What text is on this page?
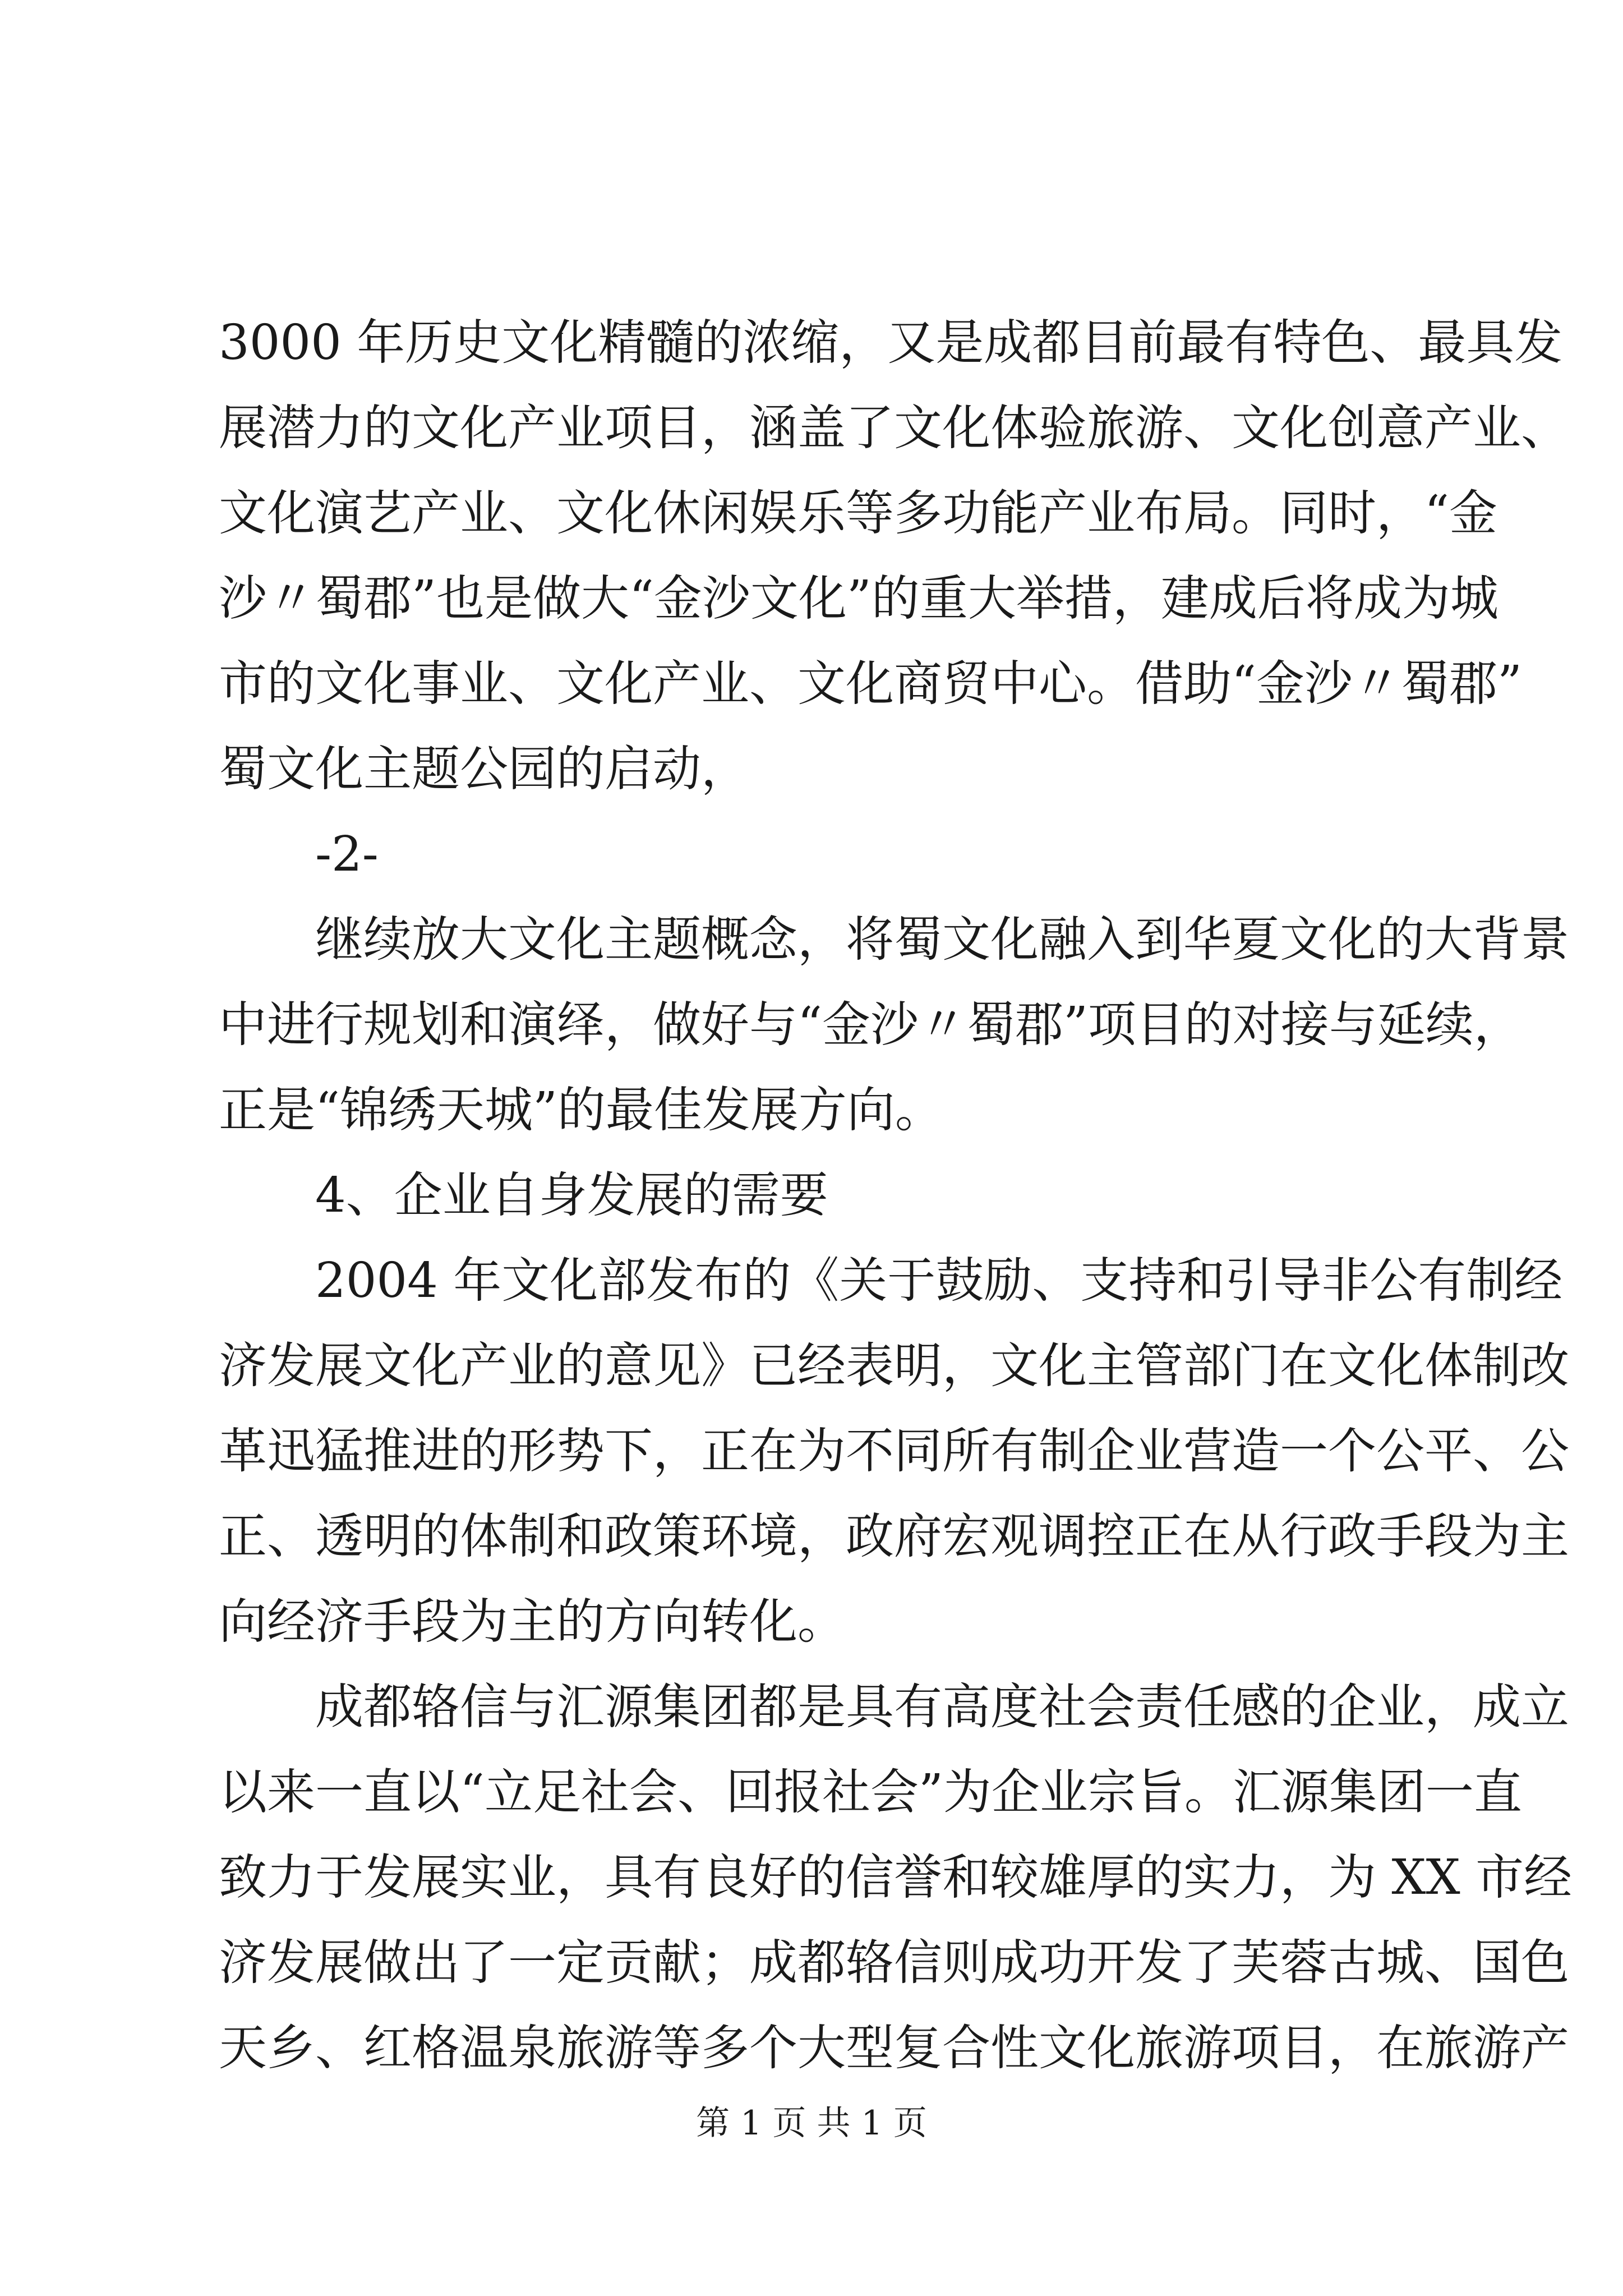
3000 年历史文化精髓的浓缩，又是成都目前最有特色、最具发
展潜力的文化产业项目，涵盖了文化体验旅游、文化创意产业、
文化演艺产业、文化休闲娱乐等多功能产业布局。同时，“金
沙〃蜀郡”也是做大“金沙文化”的重大举措，建成后将成为城
市的文化事业、文化产业、文化商贸中心。借助“金沙〃蜀郡”
蜀文化主题公园的启动，
-2-
继续放大文化主题概念，将蜀文化融入到华夏文化的大背景
中进行规划和演绎，做好与“金沙〃蜀郡”项目的对接与延续，
正是“锦绣天城”的最佳发展方向。
4、企业自身发展的需要
2004 年文化部发布的《关于鼓励、支持和引导非公有制经
济发展文化产业的意见》已经表明，文化主管部门在文化体制改
革迅猛推进的形势下，正在为不同所有制企业营造一个公平、公
正、透明的体制和政策环境，政府宏观调控正在从行政手段为主
向经济手段为主的方向转化。
成都辂信与汇源集团都是具有高度社会责任感的企业，成立
以来一直以“立足社会、回报社会”为企业宗旨。汇源集团一直
致力于发展实业，具有良好的信誉和较雄厚的实力，为 XX 市经
济发展做出了一定贡献；成都辂信则成功开发了芙蓉古城、国色
天乡、红格温泉旅游等多个大型复合性文化旅游项目，在旅游产
第 1 页 共 1 页
